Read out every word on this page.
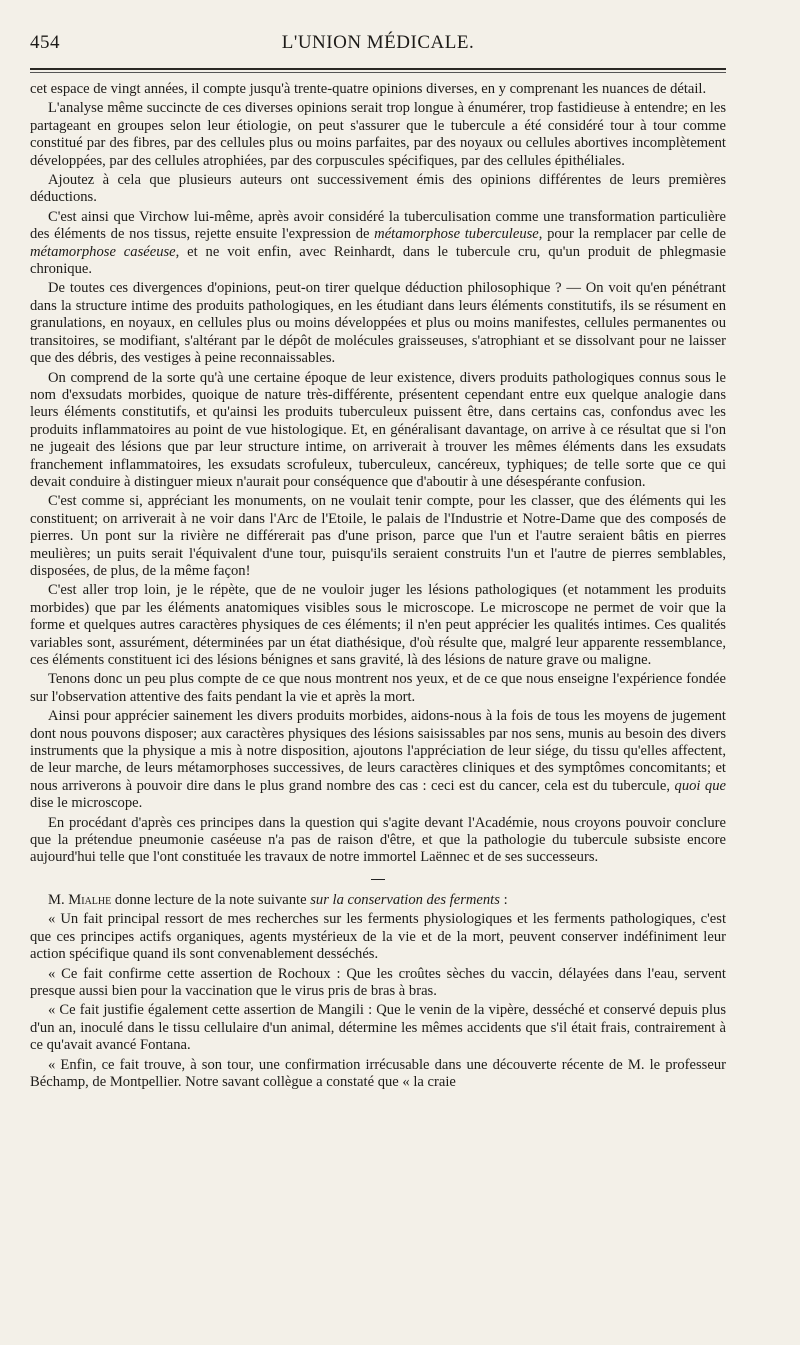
454	L'UNION MÉDICALE.

cet espace de vingt années, il compte jusqu'à trente-quatre opinions diverses, en y comprenant les nuances de détail.

L'analyse même succincte de ces diverses opinions serait trop longue à énumérer, trop fastidieuse à entendre; en les partageant en groupes selon leur étiologie, on peut s'assurer que le tubercule a été considéré tour à tour comme constitué par des fibres, par des cellules plus ou moins parfaites, par des noyaux ou cellules abortives incomplètement développées, par des cellules atrophiées, par des corpuscules spécifiques, par des cellules épithéliales.

Ajoutez à cela que plusieurs auteurs ont successivement émis des opinions différentes de leurs premières déductions.

C'est ainsi que Virchow lui-même, après avoir considéré la tuberculisation comme une transformation particulière des éléments de nos tissus, rejette ensuite l'expression de métamorphose tuberculeuse, pour la remplacer par celle de métamorphose caséeuse, et ne voit enfin, avec Reinhardt, dans le tubercule cru, qu'un produit de phlegmasie chronique.

De toutes ces divergences d'opinions, peut-on tirer quelque déduction philosophique ? — On voit qu'en pénétrant dans la structure intime des produits pathologiques, en les étudiant dans leurs éléments constitutifs, ils se résument en granulations, en noyaux, en cellules plus ou moins développées et plus ou moins manifestes, cellules permanentes ou transitoires, se modifiant, s'altérant par le dépôt de molécules graisseuses, s'atrophiant et se dissolvant pour ne laisser que des débris, des vestiges à peine reconnaissables.

On comprend de la sorte qu'à une certaine époque de leur existence, divers produits pathologiques connus sous le nom d'exsudats morbides, quoique de nature très-différente, présentent cependant entre eux quelque analogie dans leurs éléments constitutifs, et qu'ainsi les produits tuberculeux puissent être, dans certains cas, confondus avec les produits inflammatoires au point de vue histologique. Et, en généralisant davantage, on arrive à ce résultat que si l'on ne jugeait des lésions que par leur structure intime, on arriverait à trouver les mêmes éléments dans les exsudats franchement inflammatoires, les exsudats scrofuleux, tuberculeux, cancéreux, typhiques; de telle sorte que ce qui devait conduire à distinguer mieux n'aurait pour conséquence que d'aboutir à une désespérante confusion.

C'est comme si, appréciant les monuments, on ne voulait tenir compte, pour les classer, que des éléments qui les constituent; on arriverait à ne voir dans l'Arc de l'Etoile, le palais de l'Industrie et Notre-Dame que des composés de pierres. Un pont sur la rivière ne différerait pas d'une prison, parce que l'un et l'autre seraient bâtis en pierres meulières; un puits serait l'équivalent d'une tour, puisqu'ils seraient construits l'un et l'autre de pierres semblables, disposées, de plus, de la même façon!

C'est aller trop loin, je le répète, que de ne vouloir juger les lésions pathologiques (et notamment les produits morbides) que par les éléments anatomiques visibles sous le microscope. Le microscope ne permet de voir que la forme et quelques autres caractères physiques de ces éléments; il n'en peut apprécier les qualités intimes. Ces qualités variables sont, assurément, déterminées par un état diathésique, d'où résulte que, malgré leur apparente ressemblance, ces éléments constituent ici des lésions bénignes et sans gravité, là des lésions de nature grave ou maligne.

Tenons donc un peu plus compte de ce que nous montrent nos yeux, et de ce que nous enseigne l'expérience fondée sur l'observation attentive des faits pendant la vie et après la mort.

Ainsi pour apprécier sainement les divers produits morbides, aidons-nous à la fois de tous les moyens de jugement dont nous pouvons disposer; aux caractères physiques des lésions saisissables par nos sens, munis au besoin des divers instruments que la physique a mis à notre disposition, ajoutons l'appréciation de leur siége, du tissu qu'elles affectent, de leur marche, de leurs métamorphoses successives, de leurs caractères cliniques et des symptômes concomitants; et nous arriverons à pouvoir dire dans le plus grand nombre des cas : ceci est du cancer, cela est du tubercule, quoi que dise le microscope.

En procédant d'après ces principes dans la question qui s'agite devant l'Académie, nous croyons pouvoir conclure que la prétendue pneumonie caséeuse n'a pas de raison d'être, et que la pathologie du tubercule subsiste encore aujourd'hui telle que l'ont constituée les travaux de notre immortel Laënnec et de ses successeurs.

M. Mialhe donne lecture de la note suivante sur la conservation des ferments :

« Un fait principal ressort de mes recherches sur les ferments physiologiques et les ferments pathologiques, c'est que ces principes actifs organiques, agents mystérieux de la vie et de la mort, peuvent conserver indéfiniment leur action spécifique quand ils sont convenablement desséchés.

« Ce fait confirme cette assertion de Rochoux : Que les croûtes sèches du vaccin, délayées dans l'eau, servent presque aussi bien pour la vaccination que le virus pris de bras à bras.

« Ce fait justifie également cette assertion de Mangili : Que le venin de la vipère, desséché et conservé depuis plus d'un an, inoculé dans le tissu cellulaire d'un animal, détermine les mêmes accidents que s'il était frais, contrairement à ce qu'avait avancé Fontana.

« Enfin, ce fait trouve, à son tour, une confirmation irrécusable dans une découverte récente de M. le professeur Béchamp, de Montpellier. Notre savant collègue a constaté que « la craie
